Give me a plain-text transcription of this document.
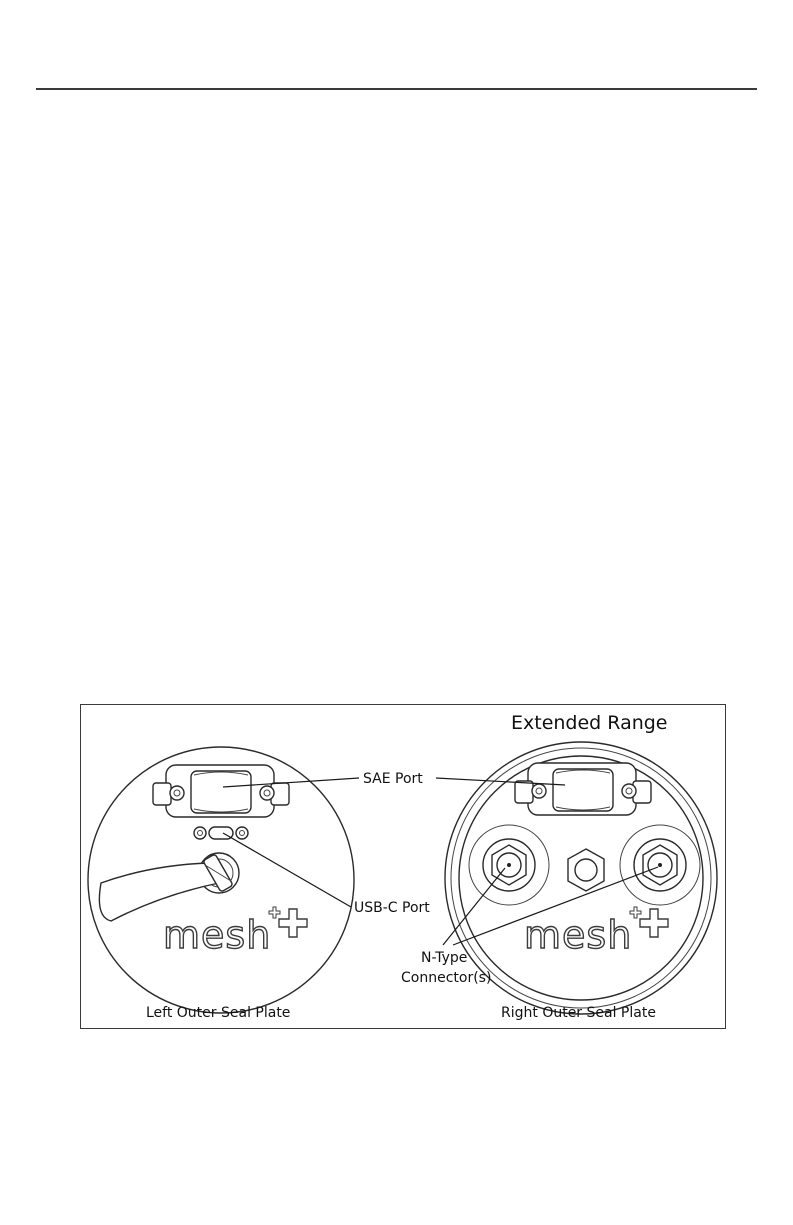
mesh
Left Outer Seal Plate
mesh
Right Outer Seal Plate
Extended Range
SAE Port
USB-C Port
N-Type
Connector(s)
